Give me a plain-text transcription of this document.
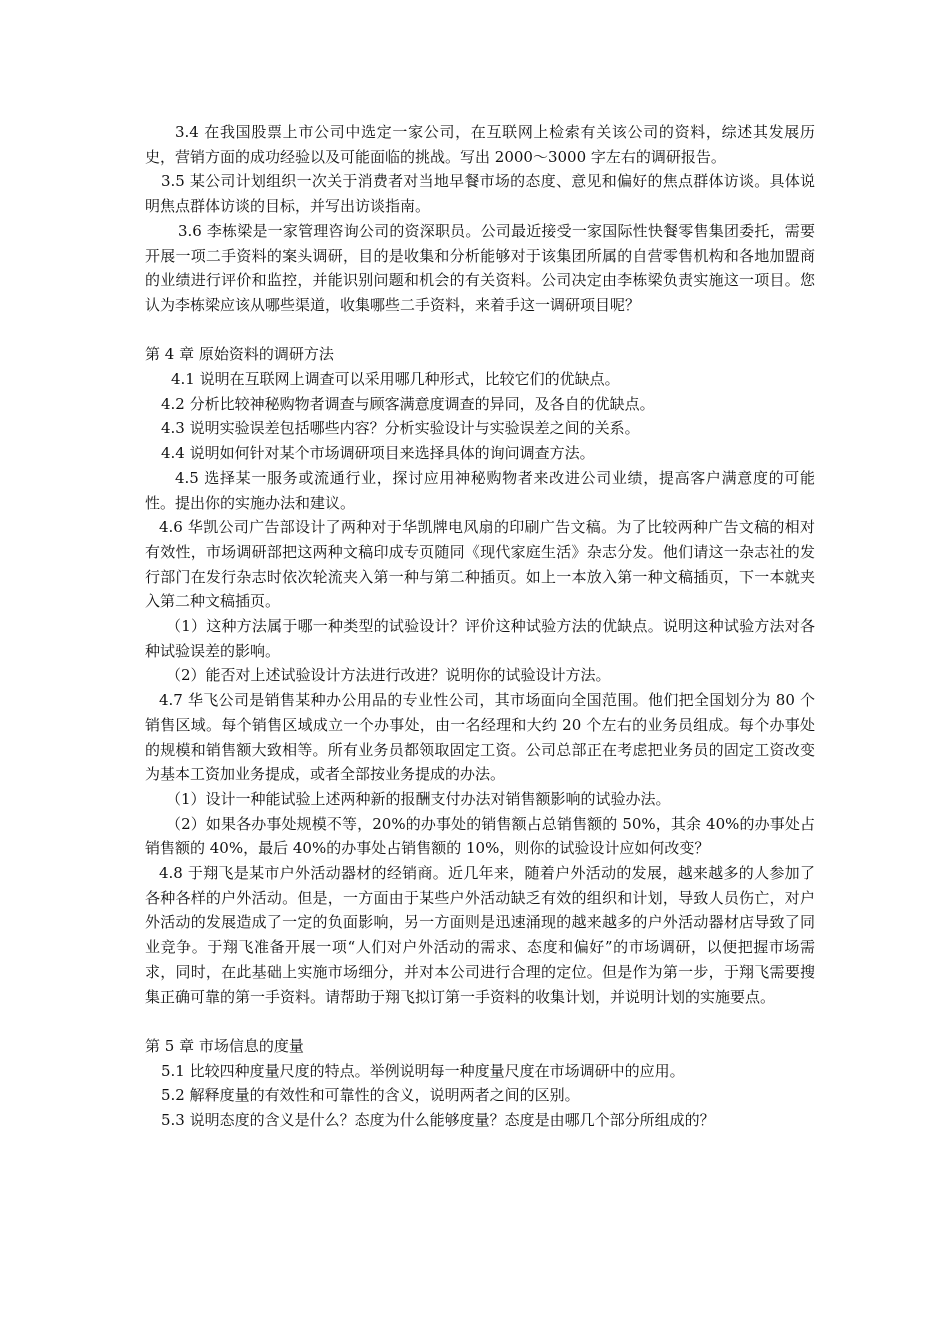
3.4 在我国股票上市公司中选定一家公司，在互联网上检索有关该公司的资料，综述其发展历史，营销方面的成功经验以及可能面临的挑战。写出 2000～3000 字左右的调研报告。

3.5 某公司计划组织一次关于消费者对当地早餐市场的态度、意见和偏好的焦点群体访谈。具体说明焦点群体访谈的目标，并写出访谈指南。

3.6 李栋梁是一家管理咨询公司的资深职员。公司最近接受一家国际性快餐零售集团委托，需要开展一项二手资料的案头调研，目的是收集和分析能够对于该集团所属的自营零售机构和各地加盟商的业绩进行评价和监控，并能识别问题和机会的有关资料。公司决定由李栋梁负责实施这一项目。您认为李栋梁应该从哪些渠道，收集哪些二手资料，来着手这一调研项目呢？

第 4 章 原始资料的调研方法

4.1 说明在互联网上调查可以采用哪几种形式，比较它们的优缺点。

4.2 分析比较神秘购物者调查与顾客满意度调查的异同，及各自的优缺点。

4.3 说明实验误差包括哪些内容？分析实验设计与实验误差之间的关系。

4.4 说明如何针对某个市场调研项目来选择具体的询问调查方法。

4.5 选择某一服务或流通行业，探讨应用神秘购物者来改进公司业绩，提高客户满意度的可能性。提出你的实施办法和建议。

4.6 华凯公司广告部设计了两种对于华凯牌电风扇的印刷广告文稿。为了比较两种广告文稿的相对有效性，市场调研部把这两种文稿印成专页随同《现代家庭生活》杂志分发。他们请这一杂志社的发行部门在发行杂志时依次轮流夹入第一种与第二种插页。如上一本放入第一种文稿插页，下一本就夹入第二种文稿插页。

（1）这种方法属于哪一种类型的试验设计？评价这种试验方法的优缺点。说明这种试验方法对各种试验误差的影响。

（2）能否对上述试验设计方法进行改进？说明你的试验设计方法。

4.7 华飞公司是销售某种办公用品的专业性公司，其市场面向全国范围。他们把全国划分为 80 个销售区域。每个销售区域成立一个办事处，由一名经理和大约 20 个左右的业务员组成。每个办事处的规模和销售额大致相等。所有业务员都领取固定工资。公司总部正在考虑把业务员的固定工资改变为基本工资加业务提成，或者全部按业务提成的办法。

（1）设计一种能试验上述两种新的报酬支付办法对销售额影响的试验办法。

（2）如果各办事处规模不等，20%的办事处的销售额占总销售额的 50%，其余 40%的办事处占销售额的 40%，最后 40%的办事处占销售额的 10%，则你的试验设计应如何改变？

4.8 于翔飞是某市户外活动器材的经销商。近几年来，随着户外活动的发展，越来越多的人参加了各种各样的户外活动。但是，一方面由于某些户外活动缺乏有效的组织和计划，导致人员伤亡，对户外活动的发展造成了一定的负面影响，另一方面则是迅速涌现的越来越多的户外活动器材店导致了同业竞争。于翔飞准备开展一项“人们对户外活动的需求、态度和偏好”的市场调研，以便把握市场需求，同时，在此基础上实施市场细分，并对本公司进行合理的定位。但是作为第一步，于翔飞需要搜集正确可靠的第一手资料。请帮助于翔飞拟订第一手资料的收集计划，并说明计划的实施要点。

第 5 章 市场信息的度量

5.1 比较四种度量尺度的特点。举例说明每一种度量尺度在市场调研中的应用。

5.2 解释度量的有效性和可靠性的含义，说明两者之间的区别。

5.3 说明态度的含义是什么？态度为什么能够度量？态度是由哪几个部分所组成的？
